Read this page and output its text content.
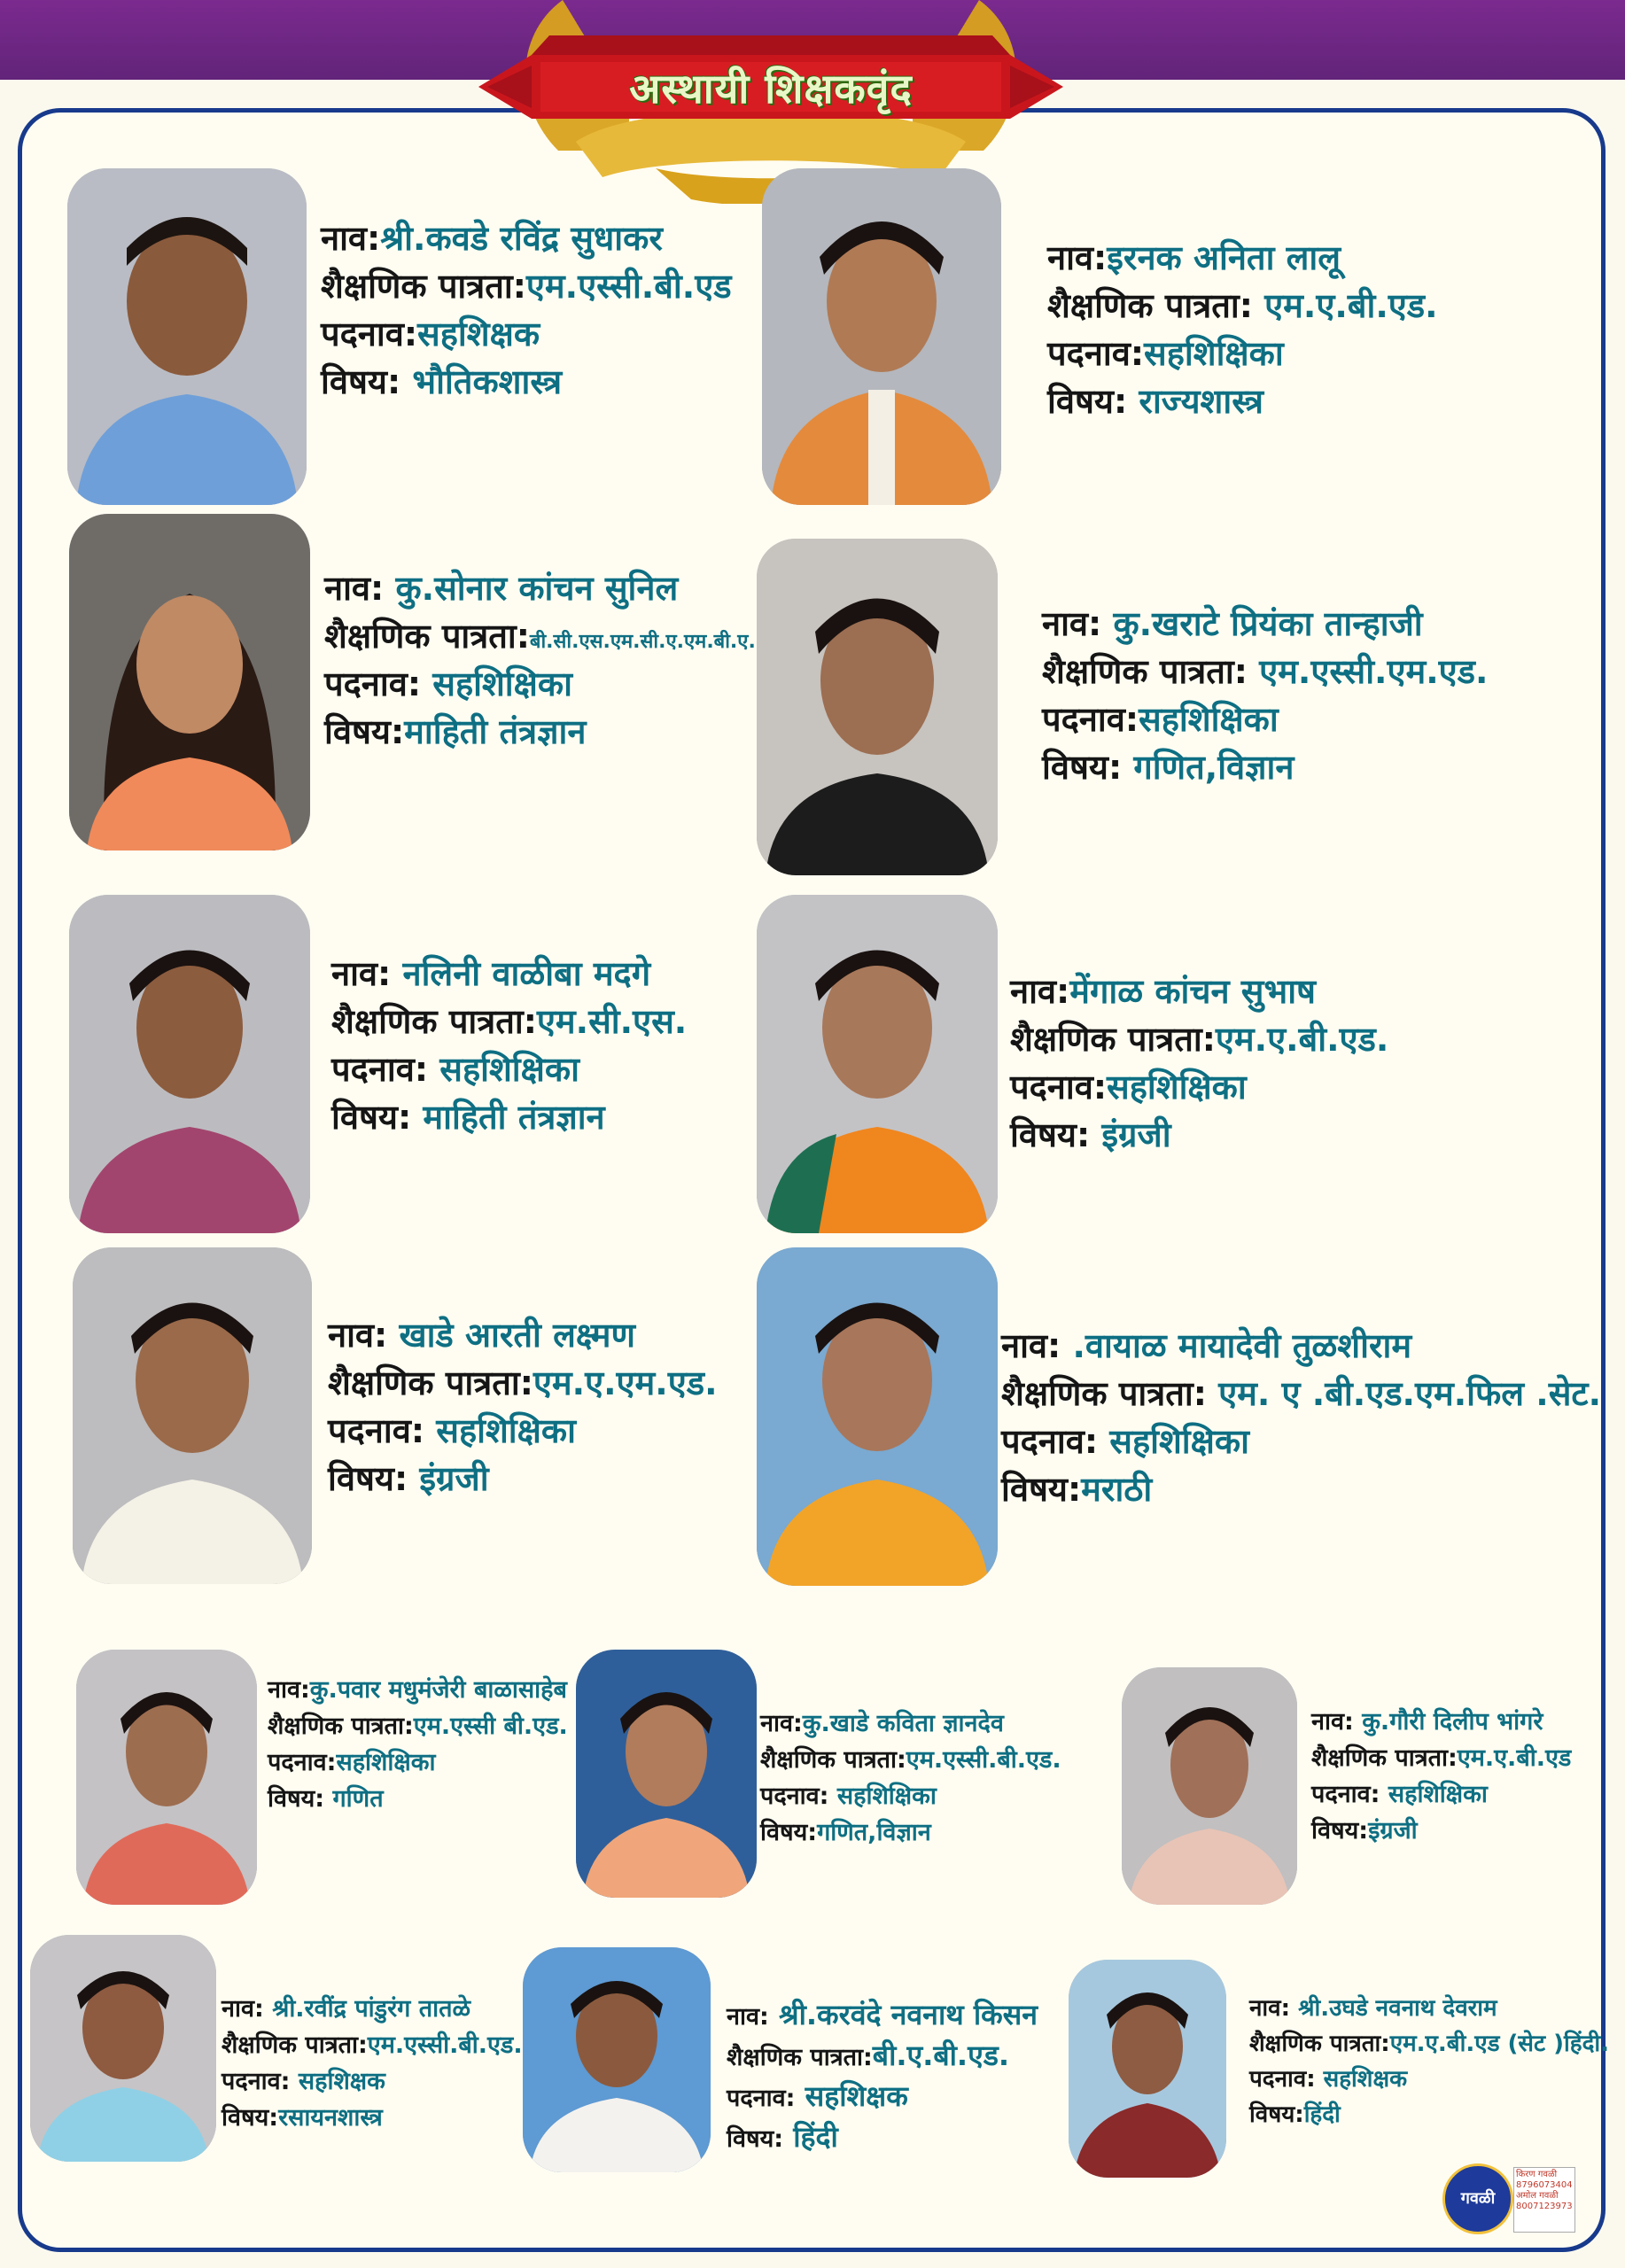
अस्थायी शिक्षकवृंद
नाव:श्री.कवडे रविंद्र सुधाकर
शैक्षणिक पात्रता:एम.एस्सी.बी.एड
पदनाव:सहशिक्षक
विषय: भौतिकशास्त्र
नाव:इरनक अनिता लालू
शैक्षणिक पात्रता: एम.ए.बी.एड.
पदनाव:सहशिक्षिका
विषय: राज्यशास्त्र
नाव: कु.सोनार कांचन सुनिल
शैक्षणिक पात्रता:बी.सी.एस.एम.सी.ए.एम.बी.ए.
पदनाव: सहशिक्षिका
विषय:माहिती तंत्रज्ञान
नाव: कु.खराटे प्रियंका तान्हाजी
शैक्षणिक पात्रता: एम.एस्सी.एम.एड.
पदनाव:सहशिक्षिका
विषय: गणित,विज्ञान
नाव: नलिनी वाळीबा मदगे
शैक्षणिक पात्रता:एम.सी.एस.
पदनाव: सहशिक्षिका
विषय: माहिती तंत्रज्ञान
नाव:मेंगाळ कांचन सुभाष
शैक्षणिक पात्रता:एम.ए.बी.एड.
पदनाव:सहशिक्षिका
विषय: इंग्रजी
नाव: खाडे आरती लक्ष्मण
शैक्षणिक पात्रता:एम.ए.एम.एड.
पदनाव: सहशिक्षिका
विषय: इंग्रजी
नाव: .वायाळ मायादेवी तुळशीराम
शैक्षणिक पात्रता: एम. ए .बी.एड.एम.फिल .सेट.
पदनाव: सहशिक्षिका
विषय:मराठी
नाव:कु.पवार मधुमंजेरी बाळासाहेब
शैक्षणिक पात्रता:एम.एस्सी बी.एड.
पदनाव:सहशिक्षिका
विषय: गणित
नाव:कु.खाडे कविता ज्ञानदेव
शैक्षणिक पात्रता:एम.एस्सी.बी.एड.
पदनाव: सहशिक्षिका
विषय:गणित,विज्ञान
नाव: कु.गौरी दिलीप भांगरे
शैक्षणिक पात्रता:एम.ए.बी.एड
पदनाव: सहशिक्षिका
विषय:इंग्रजी
नाव: श्री.रवींद्र पांडुरंग तातळे
शैक्षणिक पात्रता:एम.एस्सी.बी.एड.
पदनाव: सहशिक्षक
विषय:रसायनशास्त्र
नाव: श्री.करवंदे नवनाथ किसन
शैक्षणिक पात्रता:बी.ए.बी.एड.
पदनाव: सहशिक्षक
विषय: हिंदी
नाव: श्री.उघडे नवनाथ देवराम
शैक्षणिक पात्रता:एम.ए.बी.एड (सेट )हिंदी.
पदनाव: सहशिक्षक
विषय:हिंदी
गवळी
किरण गवळी
8796073404
अमोल गवळी
8007123973
